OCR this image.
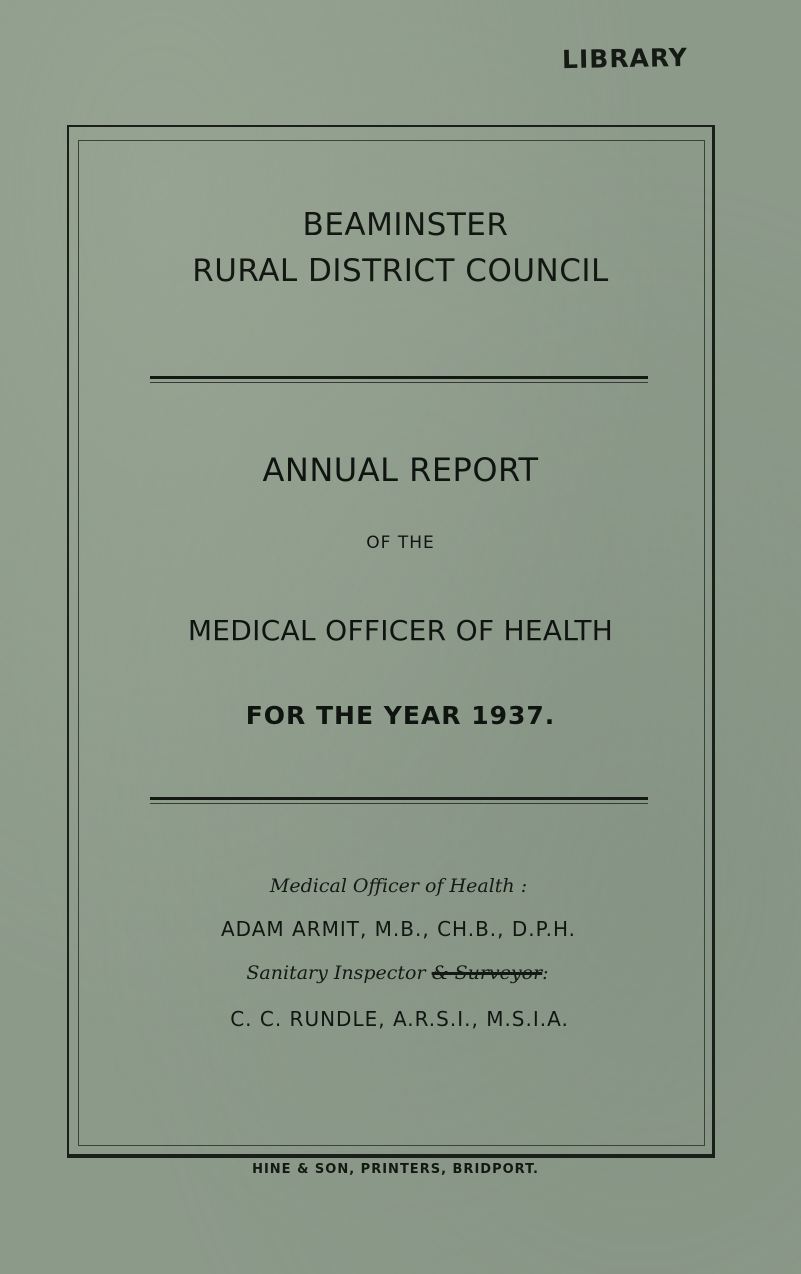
LIBRARY
BEAMINSTER
RURAL DISTRICT COUNCIL
ANNUAL REPORT
OF THE
MEDICAL OFFICER OF HEALTH
FOR THE YEAR 1937.
Medical Officer of Health :
ADAM ARMIT, M.B., CH.B., D.P.H.
Sanitary Inspector & Surveyor:
C. C. RUNDLE, A.R.S.I., M.S.I.A.
HINE & SON, PRINTERS, BRIDPORT.
